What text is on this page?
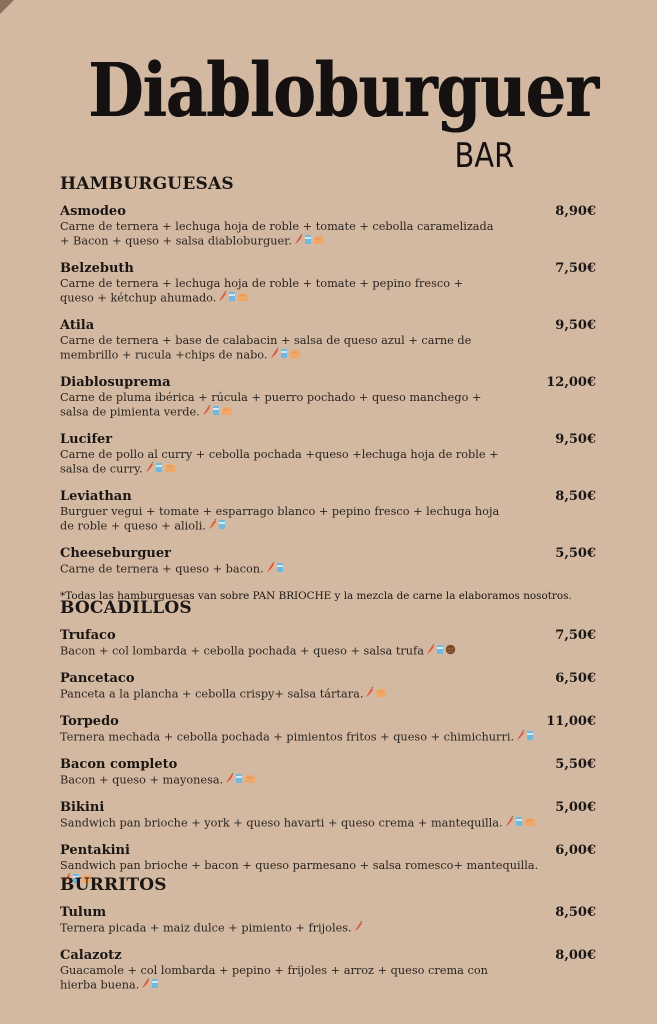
Diabloburguer
BAR
HAMBURGUESAS
Asmodeo	8,90€
Carne de ternera + lechuga hoja de roble + tomate + cebolla caramelizada + Bacon + queso + salsa diabloburguer.
Belzebuth	7,50€
Carne de ternera + lechuga hoja de roble + tomate + pepino fresco + queso + kétchup ahumado.
Atila	9,50€
Carne de ternera + base de calabacin + salsa de queso azul + carne de membrillo + rucula +chips de nabo.
Diablosuprema	12,00€
Carne de pluma ibérica + rúcula + puerro pochado + queso manchego + salsa de pimienta verde.
Lucifer	9,50€
Carne de pollo al curry + cebolla pochada +queso +lechuga hoja de roble + salsa de curry.
Leviathan	8,50€
Burguer vegui + tomate + esparrago blanco + pepino fresco + lechuga hoja de roble + queso + alioli.
Cheeseburguer	5,50€
Carne de ternera + queso + bacon.
*Todas las hamburguesas van sobre PAN BRIOCHE y la mezcla de carne la elaboramos nosotros.
BOCADILLOS
Trufaco	7,50€
Bacon + col lombarda + cebolla pochada + queso + salsa trufa
Pancetaco	6,50€
Panceta a la plancha + cebolla crispy+ salsa tártara.
Torpedo	11,00€
Ternera mechada + cebolla pochada + pimientos fritos + queso + chimichurri.
Bacon completo	5,50€
Bacon + queso + mayonesa.
Bikini	5,00€
Sandwich pan brioche + york + queso havarti + queso crema + mantequilla.
Pentakini	6,00€
Sandwich pan brioche + bacon + queso parmesano + salsa romesco+ mantequilla.
BURRITOS
Tulum	8,50€
Ternera picada + maiz dulce + pimiento + frijoles.
Calazotz	8,00€
Guacamole + col lombarda + pepino + frijoles + arroz + queso crema con hierba buena.
